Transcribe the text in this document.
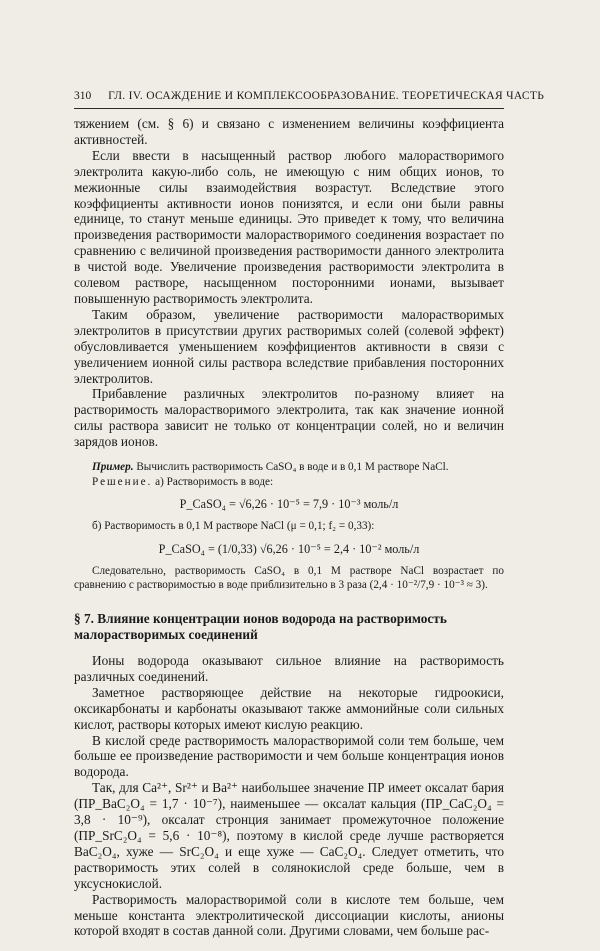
310 ГЛ. IV. ОСАЖДЕНИЕ И КОМПЛЕКСООБРАЗОВАНИЕ. ТЕОРЕТИЧЕСКАЯ ЧАСТЬ

тяжением (см. § 6) и связано с изменением величины коэффициента активностей.

Если ввести в насыщенный раствор любого малорастворимого электролита какую-либо соль, не имеющую с ним общих ионов, то межионные силы взаимодействия возрастут. Вследствие этого коэффициенты активности ионов понизятся, и если они были равны единице, то станут меньше единицы. Это приведет к тому, что величина произведения растворимости малорастворимого соединения возрастает по сравнению с величиной произведения растворимости данного электролита в чистой воде. Увеличение произведения растворимости электролита в солевом растворе, насыщенном посторонними ионами, вызывает повышенную растворимость электролита.

Таким образом, увеличение растворимости малорастворимых электролитов в присутствии других растворимых солей (солевой эффект) обусловливается уменьшением коэффициентов активности в связи с увеличением ионной силы раствора вследствие прибавления посторонних электролитов.

Прибавление различных электролитов по-разному влияет на растворимость малорастворимого электролита, так как значение ионной силы раствора зависит не только от концентрации солей, но и величин зарядов ионов.

Пример. Вычислить растворимость CaSO₄ в воде и в 0,1 M растворе NaCl.

Решение. а) Растворимость в воде:

P_CaSO₄ = √6,26 · 10⁻⁵ = 7,9 · 10⁻³ моль/л

б) Растворимость в 0,1 M растворе NaCl (μ = 0,1; f₂ = 0,33):

P_CaSO₄ = (1/0,33) √6,26 · 10⁻⁵ = 2,4 · 10⁻² моль/л

Следовательно, растворимость CaSO₄ в 0,1 M растворе NaCl возрастает по сравнению с растворимостью в воде приблизительно в 3 раза (2,4 · 10⁻²/7,9 · 10⁻³ ≈ 3).

§ 7. Влияние концентрации ионов водорода на растворимость
малорастворимых соединений

Ионы водорода оказывают сильное влияние на растворимость различных соединений.

Заметное растворяющее действие на некоторые гидроокиси, оксикарбонаты и карбонаты оказывают также аммонийные соли сильных кислот, растворы которых имеют кислую реакцию.

В кислой среде растворимость малорастворимой соли тем больше, чем больше ее произведение растворимости и чем больше концентрация ионов водорода.

Так, для Ca²⁺, Sr²⁺ и Ba²⁺ наибольшее значение ПР имеет оксалат бария (ПР_BaC₂O₄ = 1,7 · 10⁻⁷), наименьшее — оксалат кальция (ПР_CaC₂O₄ = 3,8 · 10⁻⁹), оксалат стронция занимает промежуточное положение (ПР_SrC₂O₄ = 5,6 · 10⁻⁸), поэтому в кислой среде лучше растворяется BaC₂O₄, хуже — SrC₂O₄ и еще хуже — CaC₂O₄. Следует отметить, что растворимость этих солей в солянокислой среде больше, чем в уксуснокислой.

Растворимость малорастворимой соли в кислоте тем больше, чем меньше константа электролитической диссоциации кислоты, анионы которой входят в состав данной соли. Другими словами, чем больше рас-
